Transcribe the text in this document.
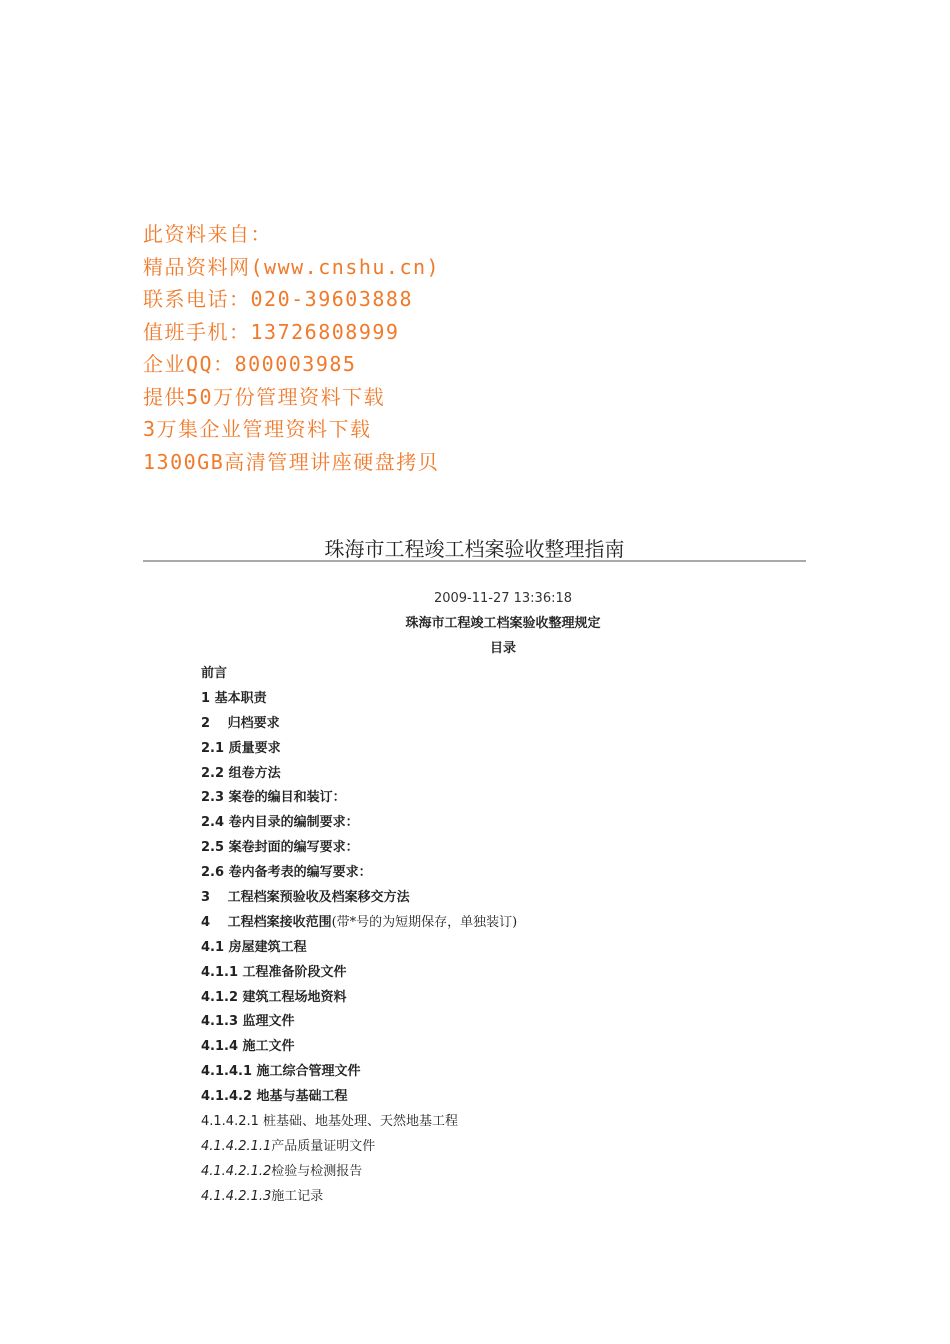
此资料来自：
精品资料网(www.cnshu.cn)
联系电话：020-39603888
值班手机：13726808999
企业QQ：800003985
提供50万份管理资料下载
3万集企业管理资料下载
1300GB高清管理讲座硬盘拷贝
珠海市工程竣工档案验收整理指南
2009-11-27 13:36:18
珠海市工程竣工档案验收整理规定
目录
前言
1 基本职责
2 　归档要求
2.1 质量要求
2.2 组卷方法
2.3 案卷的编目和装订：
2.4 卷内目录的编制要求：
2.5 案卷封面的编写要求：
2.6 卷内备考表的编写要求：
3 　工程档案预验收及档案移交方法
4 　工程档案接收范围(带*号的为短期保存，单独装订)
4.1 房屋建筑工程
4.1.1 工程准备阶段文件
4.1.2 建筑工程场地资料
4.1.3 监理文件
4.1.4 施工文件
4.1.4.1 施工综合管理文件
4.1.4.2 地基与基础工程
4.1.4.2.1 桩基础、地基处理、天然地基工程
4.1.4.2.1.1产品质量证明文件
4.1.4.2.1.2检验与检测报告
4.1.4.2.1.3施工记录
